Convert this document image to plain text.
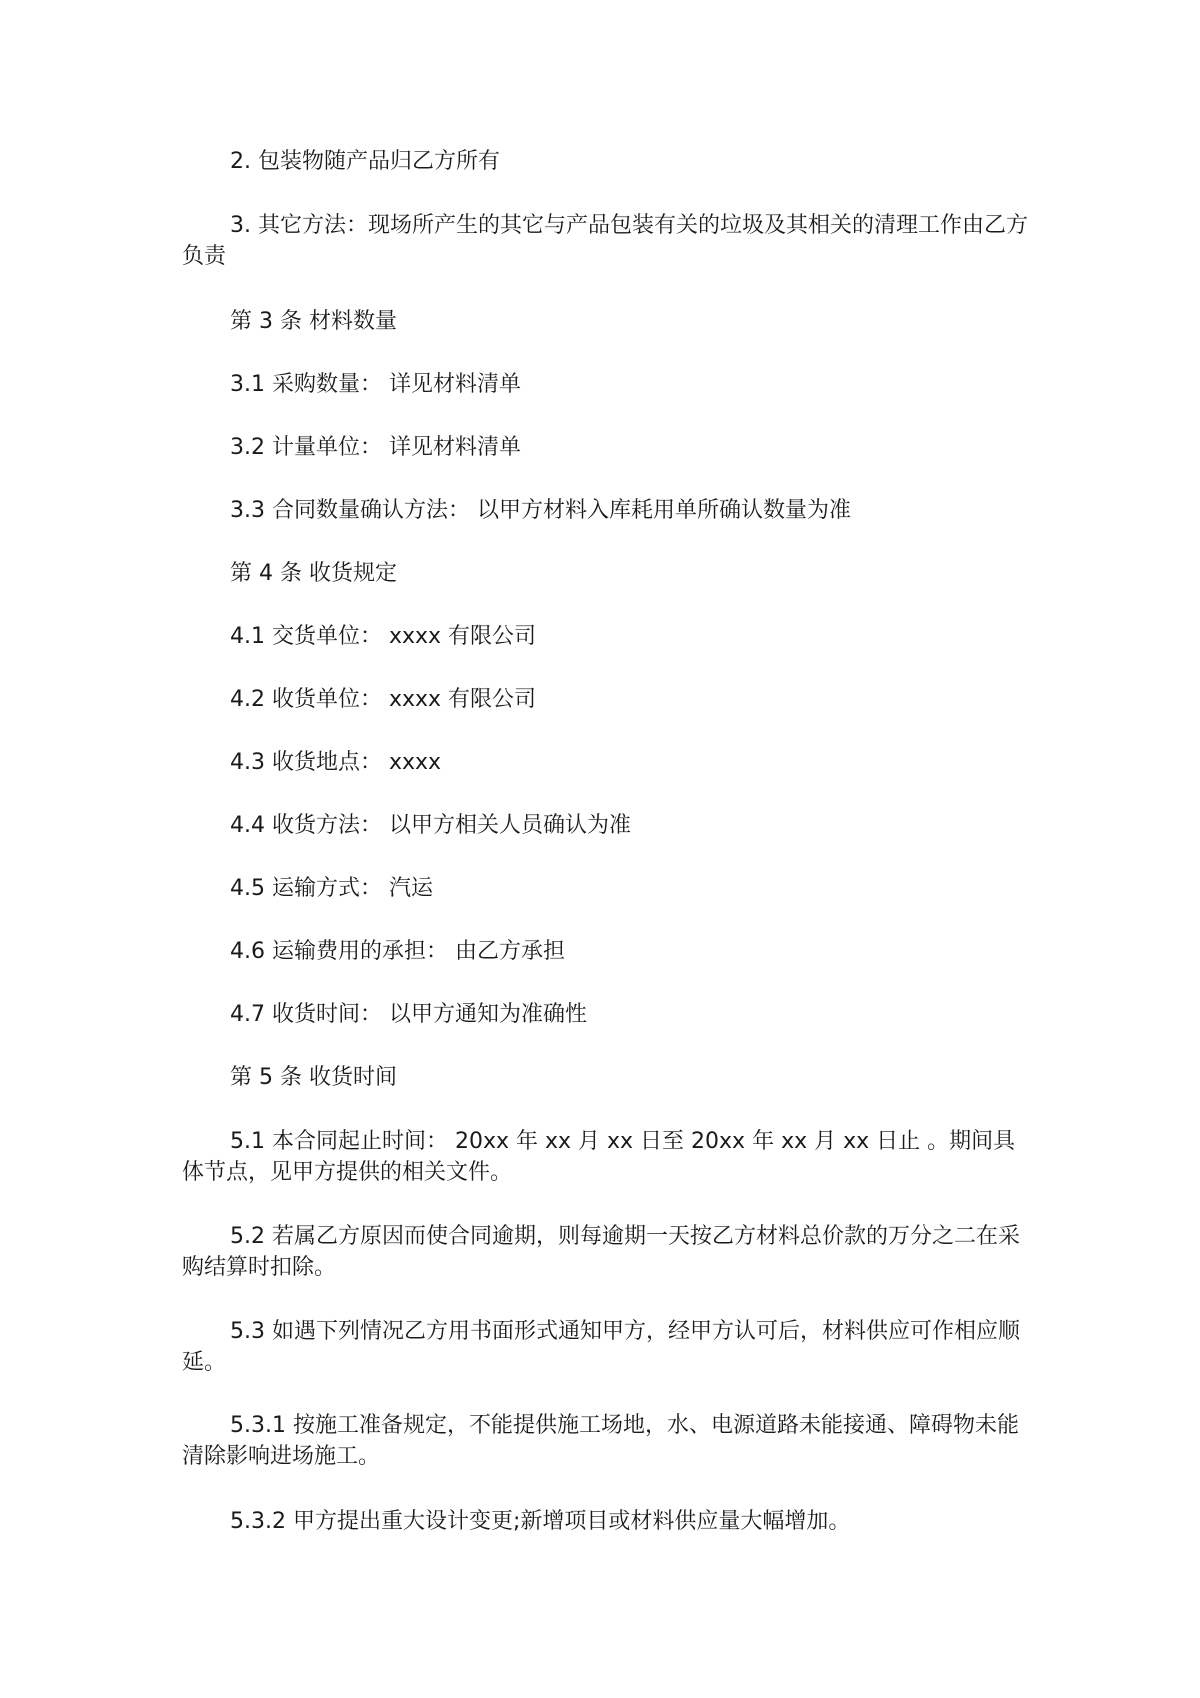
2. 包装物随产品归乙方所有

3. 其它方法：现场所产生的其它与产品包装有关的垃圾及其相关的清理工作由乙方负责

第 3 条 材料数量

3.1 采购数量： 详见材料清单

3.2 计量单位： 详见材料清单

3.3 合同数量确认方法： 以甲方材料入库耗用单所确认数量为准

第 4 条 收货规定

4.1 交货单位： xxxx 有限公司

4.2 收货单位： xxxx 有限公司

4.3 收货地点： xxxx

4.4 收货方法： 以甲方相关人员确认为准

4.5 运输方式： 汽运

4.6 运输费用的承担： 由乙方承担

4.7 收货时间： 以甲方通知为准确性

第 5 条 收货时间

5.1 本合同起止时间： 20xx 年 xx 月 xx 日至 20xx 年 xx 月 xx 日止 。期间具体节点，见甲方提供的相关文件。

5.2 若属乙方原因而使合同逾期，则每逾期一天按乙方材料总价款的万分之二在采购结算时扣除。

5.3 如遇下列情况乙方用书面形式通知甲方，经甲方认可后，材料供应可作相应顺延。

5.3.1 按施工准备规定，不能提供施工场地，水、电源道路未能接通、障碍物未能清除影响进场施工。

5.3.2 甲方提出重大设计变更;新增项目或材料供应量大幅增加。
